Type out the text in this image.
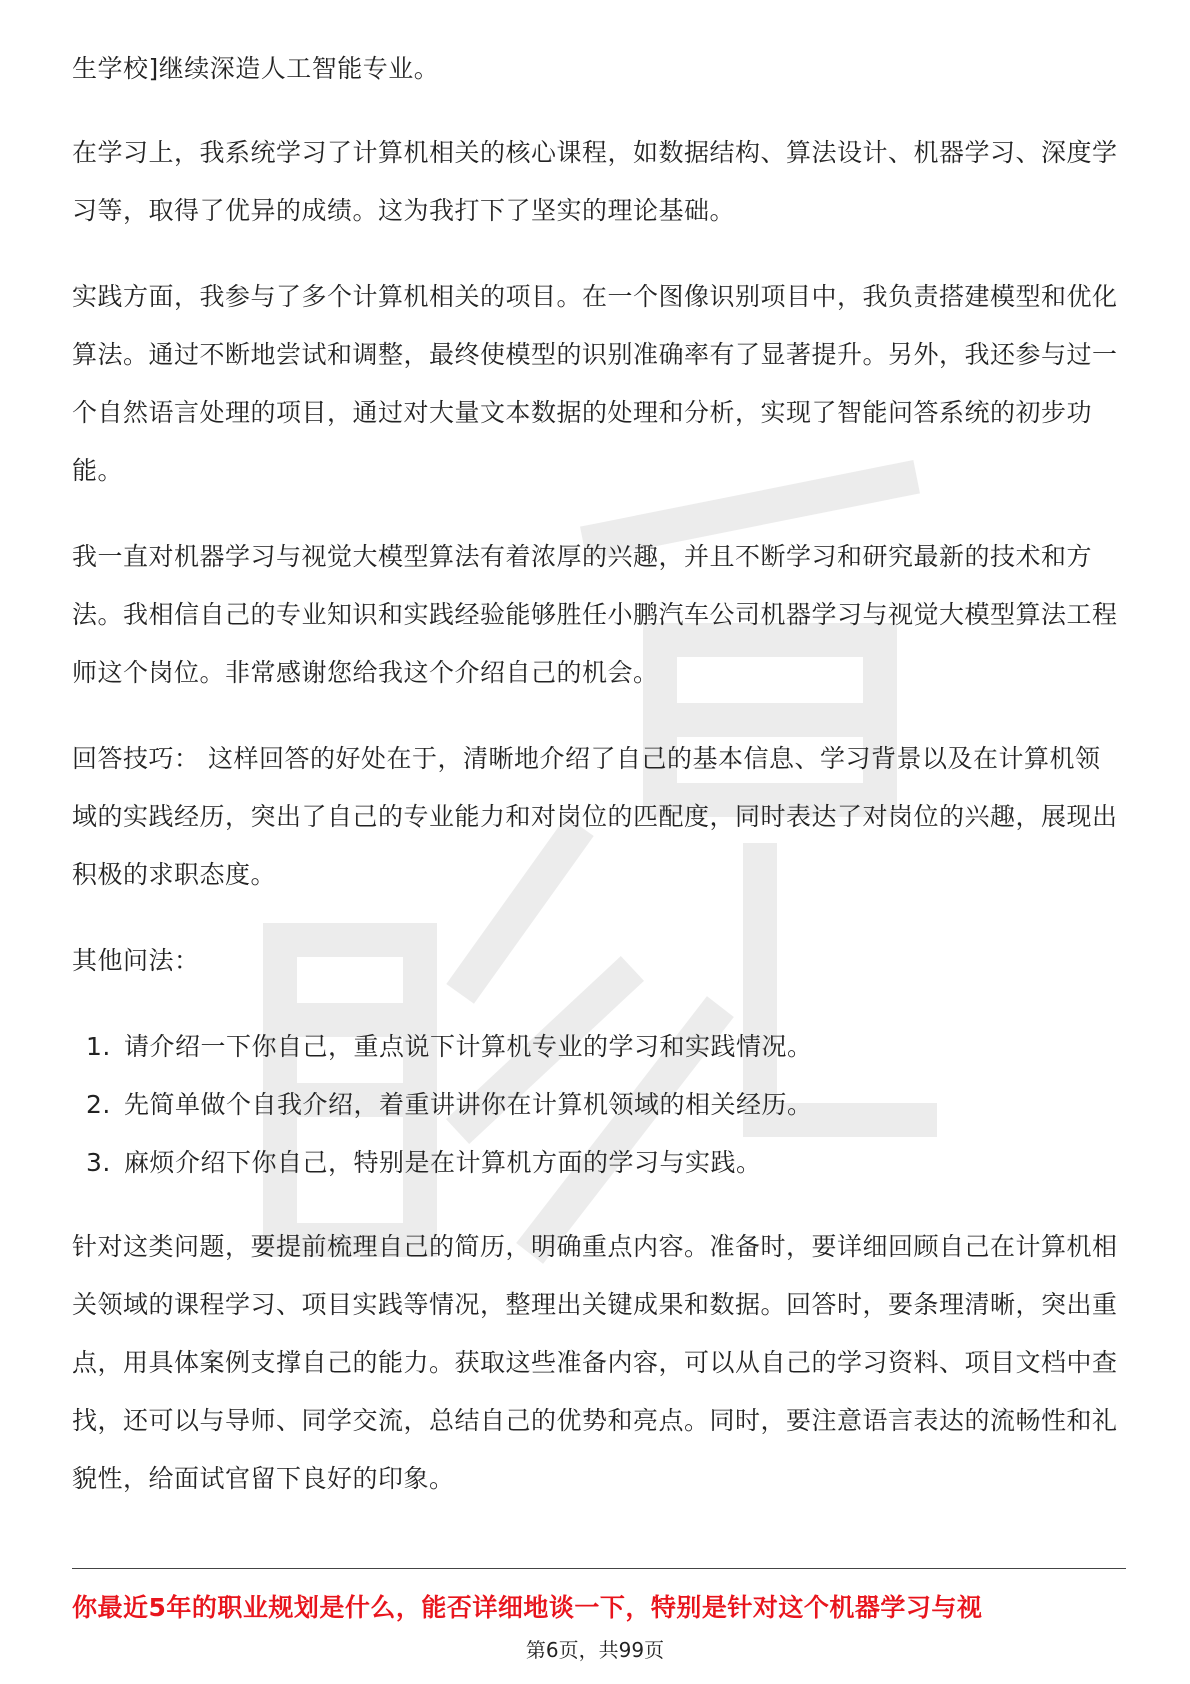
生学校]继续深造人工智能专业。

在学习上，我系统学习了计算机相关的核心课程，如数据结构、算法设计、机器学习、深度学习等，取得了优异的成绩。这为我打下了坚实的理论基础。

实践方面，我参与了多个计算机相关的项目。在一个图像识别项目中，我负责搭建模型和优化算法。通过不断地尝试和调整，最终使模型的识别准确率有了显著提升。另外，我还参与过一个自然语言处理的项目，通过对大量文本数据的处理和分析，实现了智能问答系统的初步功能。

我一直对机器学习与视觉大模型算法有着浓厚的兴趣，并且不断学习和研究最新的技术和方法。我相信自己的专业知识和实践经验能够胜任小鹏汽车公司机器学习与视觉大模型算法工程师这个岗位。非常感谢您给我这个介绍自己的机会。

回答技巧： 这样回答的好处在于，清晰地介绍了自己的基本信息、学习背景以及在计算机领域的实践经历，突出了自己的专业能力和对岗位的匹配度，同时表达了对岗位的兴趣，展现出积极的求职态度。

其他问法：

1. 请介绍一下你自己，重点说下计算机专业的学习和实践情况。
2. 先简单做个自我介绍，着重讲讲你在计算机领域的相关经历。
3. 麻烦介绍下你自己，特别是在计算机方面的学习与实践。

针对这类问题，要提前梳理自己的简历，明确重点内容。准备时，要详细回顾自己在计算机相关领域的课程学习、项目实践等情况，整理出关键成果和数据。回答时，要条理清晰，突出重点，用具体案例支撑自己的能力。获取这些准备内容，可以从自己的学习资料、项目文档中查找，还可以与导师、同学交流，总结自己的优势和亮点。同时，要注意语言表达的流畅性和礼貌性，给面试官留下良好的印象。

你最近5年的职业规划是什么，能否详细地谈一下，特别是针对这个机器学习与视
第6页，共99页
